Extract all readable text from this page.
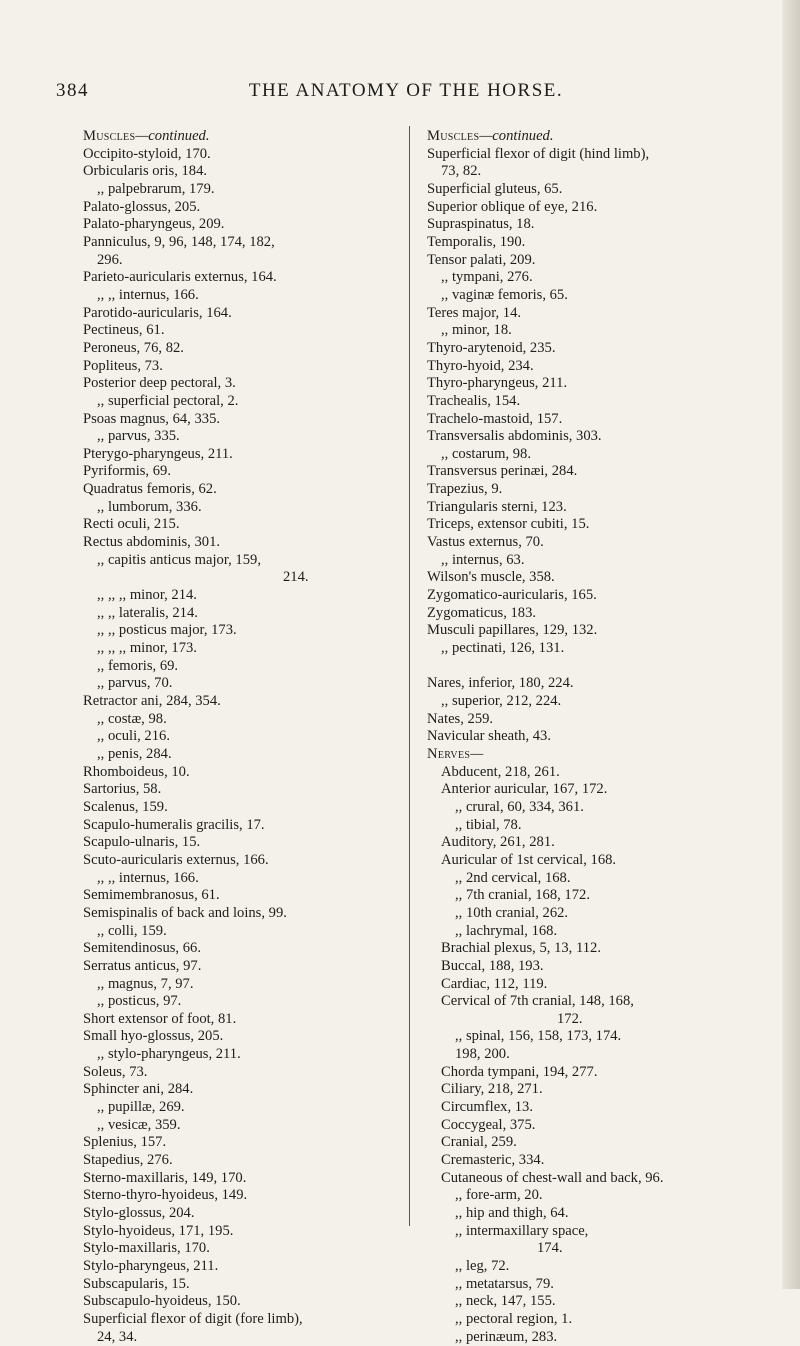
384	THE ANATOMY OF THE HORSE.
Muscles—continued.
Occipito-styloid, 170.
Orbicularis oris, 184.
,, palpebrarum, 179.
Palato-glossus, 205.
Palato-pharyngeus, 209.
Panniculus, 9, 96, 148, 174, 182,
296.
Parieto-auricularis externus, 164.
,, ,, internus, 166.
Parotido-auricularis, 164.
Pectineus, 61.
Peroneus, 76, 82.
Popliteus, 73.
Posterior deep pectoral, 3.
,, superficial pectoral, 2.
Psoas magnus, 64, 335.
,, parvus, 335.
Pterygo-pharyngeus, 211.
Pyriformis, 69.
Quadratus femoris, 62.
,, lumborum, 336.
Recti oculi, 215.
Rectus abdominis, 301.
,, capitis anticus major, 159,
214.
,, ,, ,, minor, 214.
,, ,, lateralis, 214.
,, ,, posticus major, 173.
,, ,, ,, minor, 173.
,, femoris, 69.
,, parvus, 70.
Retractor ani, 284, 354.
,, costæ, 98.
,, oculi, 216.
,, penis, 284.
Rhomboideus, 10.
Sartorius, 58.
Scalenus, 159.
Scapulo-humeralis gracilis, 17.
Scapulo-ulnaris, 15.
Scuto-auricularis externus, 166.
,, ,, internus, 166.
Semimembranosus, 61.
Semispinalis of back and loins, 99.
,, colli, 159.
Semitendinosus, 66.
Serratus anticus, 97.
,, magnus, 7, 97.
,, posticus, 97.
Short extensor of foot, 81.
Small hyo-glossus, 205.
,, stylo-pharyngeus, 211.
Soleus, 73.
Sphincter ani, 284.
,, pupillæ, 269.
,, vesicæ, 359.
Splenius, 157.
Stapedius, 276.
Sterno-maxillaris, 149, 170.
Sterno-thyro-hyoideus, 149.
Stylo-glossus, 204.
Stylo-hyoideus, 171, 195.
Stylo-maxillaris, 170.
Stylo-pharyngeus, 211.
Subscapularis, 15.
Subscapulo-hyoideus, 150.
Superficial flexor of digit (fore limb),
24, 34.
Muscles—continued.
Superficial flexor of digit (hind limb),
73, 82.
Superficial gluteus, 65.
Superior oblique of eye, 216.
Supraspinatus, 18.
Temporalis, 190.
Tensor palati, 209.
,, tympani, 276.
,, vaginæ femoris, 65.
Teres major, 14.
,, minor, 18.
Thyro-arytenoid, 235.
Thyro-hyoid, 234.
Thyro-pharyngeus, 211.
Trachealis, 154.
Trachelo-mastoid, 157.
Transversalis abdominis, 303.
,, costarum, 98.
Transversus perinæi, 284.
Trapezius, 9.
Triangularis sterni, 123.
Triceps, extensor cubiti, 15.
Vastus externus, 70.
,, internus, 63.
Wilson's muscle, 358.
Zygomatico-auricularis, 165.
Zygomaticus, 183.
Musculi papillares, 129, 132.
,, pectinati, 126, 131.

Nares, inferior, 180, 224.
,, superior, 212, 224.
Nates, 259.
Navicular sheath, 43.
Nerves—
Abducent, 218, 261.
Anterior auricular, 167, 172.
,, crural, 60, 334, 361.
,, tibial, 78.
Auditory, 261, 281.
Auricular of 1st cervical, 168.
,, 2nd cervical, 168.
,, 7th cranial, 168, 172.
,, 10th cranial, 262.
,, lachrymal, 168.
Brachial plexus, 5, 13, 112.
Buccal, 188, 193.
Cardiac, 112, 119.
Cervical of 7th cranial, 148, 168,
172.
,, spinal, 156, 158, 173, 174.
198, 200.
Chorda tympani, 194, 277.
Ciliary, 218, 271.
Circumflex, 13.
Coccygeal, 375.
Cranial, 259.
Cremasteric, 334.
Cutaneous of chest-wall and back, 96.
,, fore-arm, 20.
,, hip and thigh, 64.
,, intermaxillary space,
174.
,, leg, 72.
,, metatarsus, 79.
,, neck, 147, 155.
,, pectoral region, 1.
,, perinæum, 283.
